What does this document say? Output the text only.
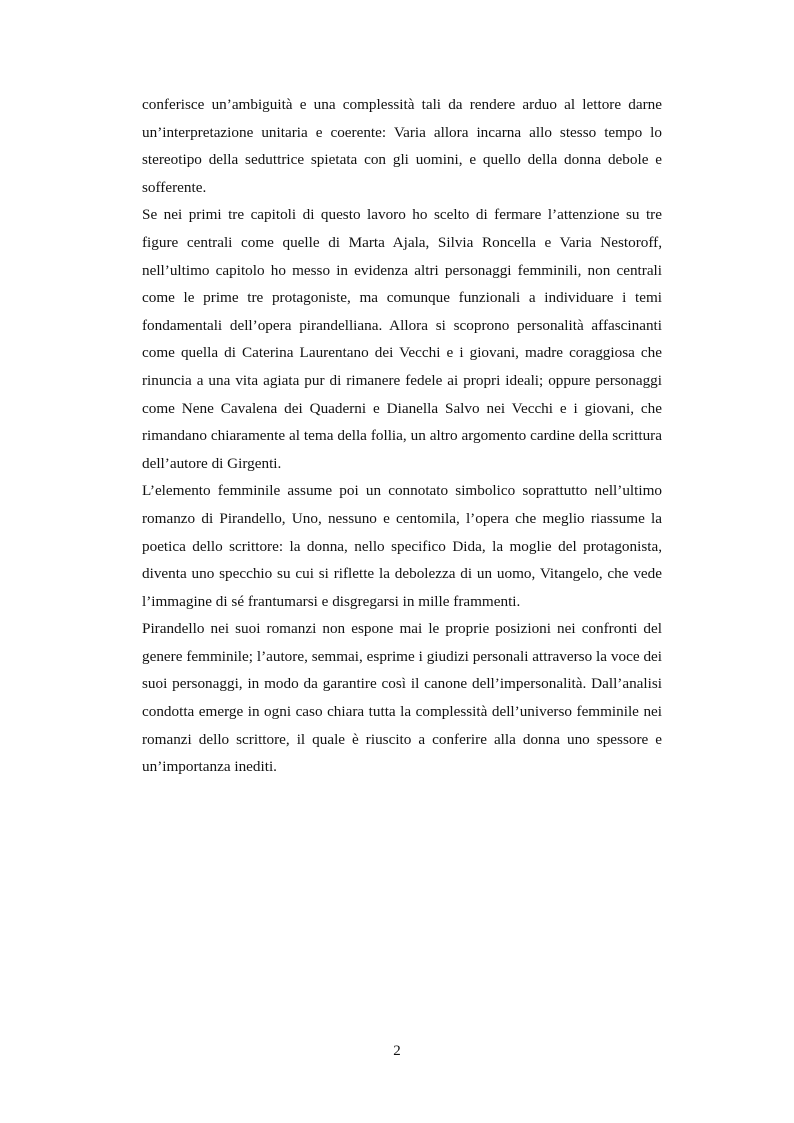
conferisce un’ambiguità e una complessità tali da rendere arduo al lettore darne un’interpretazione unitaria e coerente: Varia allora incarna allo stesso tempo lo stereotipo della seduttrice spietata con gli uomini, e quello della donna debole e sofferente.

Se nei primi tre capitoli di questo lavoro ho scelto di fermare l’attenzione su tre figure centrali come quelle di Marta Ajala, Silvia Roncella e Varia Nestoroff, nell’ultimo capitolo ho messo in evidenza altri personaggi femminili, non centrali come le prime tre protagoniste, ma comunque funzionali a individuare i temi fondamentali dell’opera pirandelliana. Allora si scoprono personalità affascinanti come quella di Caterina Laurentano dei Vecchi e i giovani, madre coraggiosa che rinuncia a una vita agiata pur di rimanere fedele ai propri ideali; oppure personaggi come Nene Cavalena dei Quaderni e Dianella Salvo nei Vecchi e i giovani, che rimandano chiaramente al tema della follia, un altro argomento cardine della scrittura dell’autore di Girgenti.

L’elemento femminile assume poi un connotato simbolico soprattutto nell’ultimo romanzo di Pirandello, Uno, nessuno e centomila, l’opera che meglio riassume la poetica dello scrittore: la donna, nello specifico Dida, la moglie del protagonista, diventa uno specchio su cui si riflette la debolezza di un uomo, Vitangelo, che vede l’immagine di sé frantumarsi e disgregarsi in mille frammenti.

Pirandello nei suoi romanzi non espone mai le proprie posizioni nei confronti del genere femminile; l’autore, semmai, esprime i giudizi personali attraverso la voce dei suoi personaggi, in modo da garantire così il canone dell’impersonalità. Dall’analisi condotta emerge in ogni caso chiara tutta la complessità dell’universo femminile nei romanzi dello scrittore, il quale è riuscito a conferire alla donna uno spessore e un’importanza inediti.

2
